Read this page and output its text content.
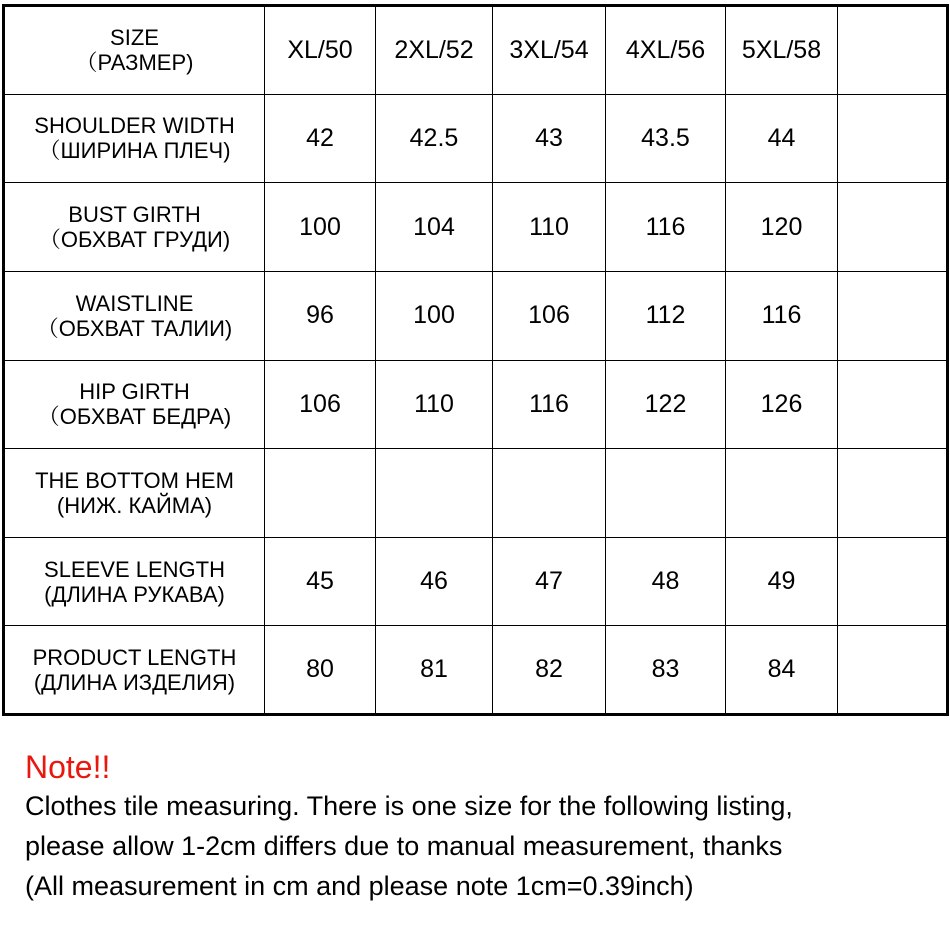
SIZE
（РАЗМЕР)	XL/50	2XL/52	3XL/54	4XL/56	5XL/58	

SHOULDER WIDTH
（ШИРИНА ПЛЕЧ)	42	42.5	43	43.5	44	

BUST GIRTH
（ОБХВАТ ГРУДИ)	100	104	110	116	120	

WAISTLINE
（ОБХВАТ ТАЛИИ)	96	100	106	112	116	

HIP GIRTH
（ОБХВАТ БЕДРА)	106	110	116	122	126	

THE BOTTOM HEM
(НИЖ. КАЙМА)						

SLEEVE LENGTH
(ДЛИНА РУКАВА)	45	46	47	48	49	

PRODUCT LENGTH
(ДЛИНА ИЗДЕЛИЯ)	80	81	82	83	84	
Note!!
Clothes tile measuring. There is one size for the following listing,
please allow 1-2cm differs due to manual measurement, thanks
(All measurement in cm and please note 1cm=0.39inch)
